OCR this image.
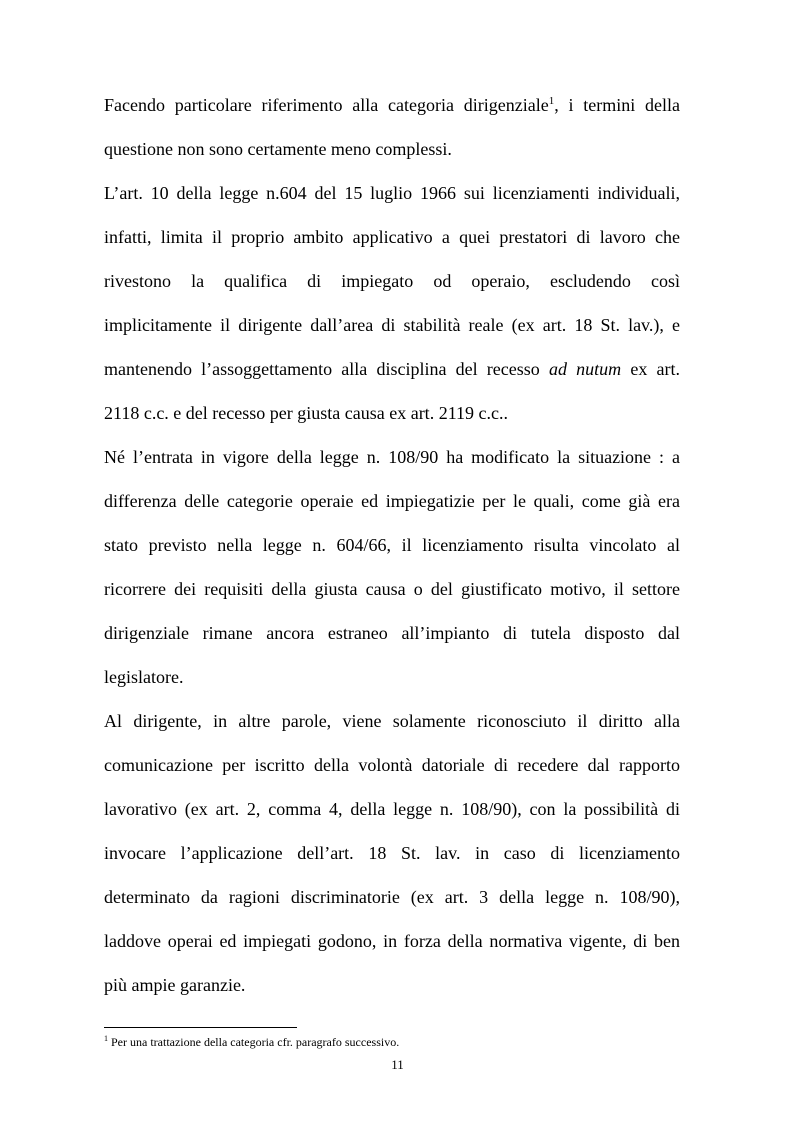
Facendo particolare riferimento alla categoria dirigenziale$^1$, i termini della
questione non sono certamente meno complessi.
L’art. 10 della legge n.604 del 15 luglio 1966 sui licenziamenti individuali,
infatti, limita il proprio ambito applicativo a quei prestatori di lavoro che
rivestono la qualifica di impiegato od operaio, escludendo così
implicitamente il dirigente dall’area di stabilità reale (ex art. 18 St. lav.), e
mantenendo l’assoggettamento alla disciplina del recesso ad nutum ex art.
2118 c.c. e del recesso per giusta causa ex art. 2119 c.c..
Né l’entrata in vigore della legge n. 108/90 ha modificato la situazione : a
differenza delle categorie operaie ed impiegatizie per le quali, come già era
stato previsto nella legge n. 604/66, il licenziamento risulta vincolato al
ricorrere dei requisiti della giusta causa o del giustificato motivo, il settore
dirigenziale rimane ancora estraneo all’impianto di tutela disposto dal
legislatore.
Al dirigente, in altre parole, viene solamente riconosciuto il diritto alla
comunicazione per iscritto della volontà datoriale di recedere dal rapporto
lavorativo (ex art. 2, comma 4, della legge n. 108/90), con la possibilità di
invocare l’applicazione dell’art. 18 St. lav. in caso di licenziamento
determinato da ragioni discriminatorie (ex art. 3 della legge n. 108/90),
laddove operai ed impiegati godono, in forza della normativa vigente, di ben
più ampie garanzie.
$^1$ Per una trattazione della categoria cfr. paragrafo successivo.
11
